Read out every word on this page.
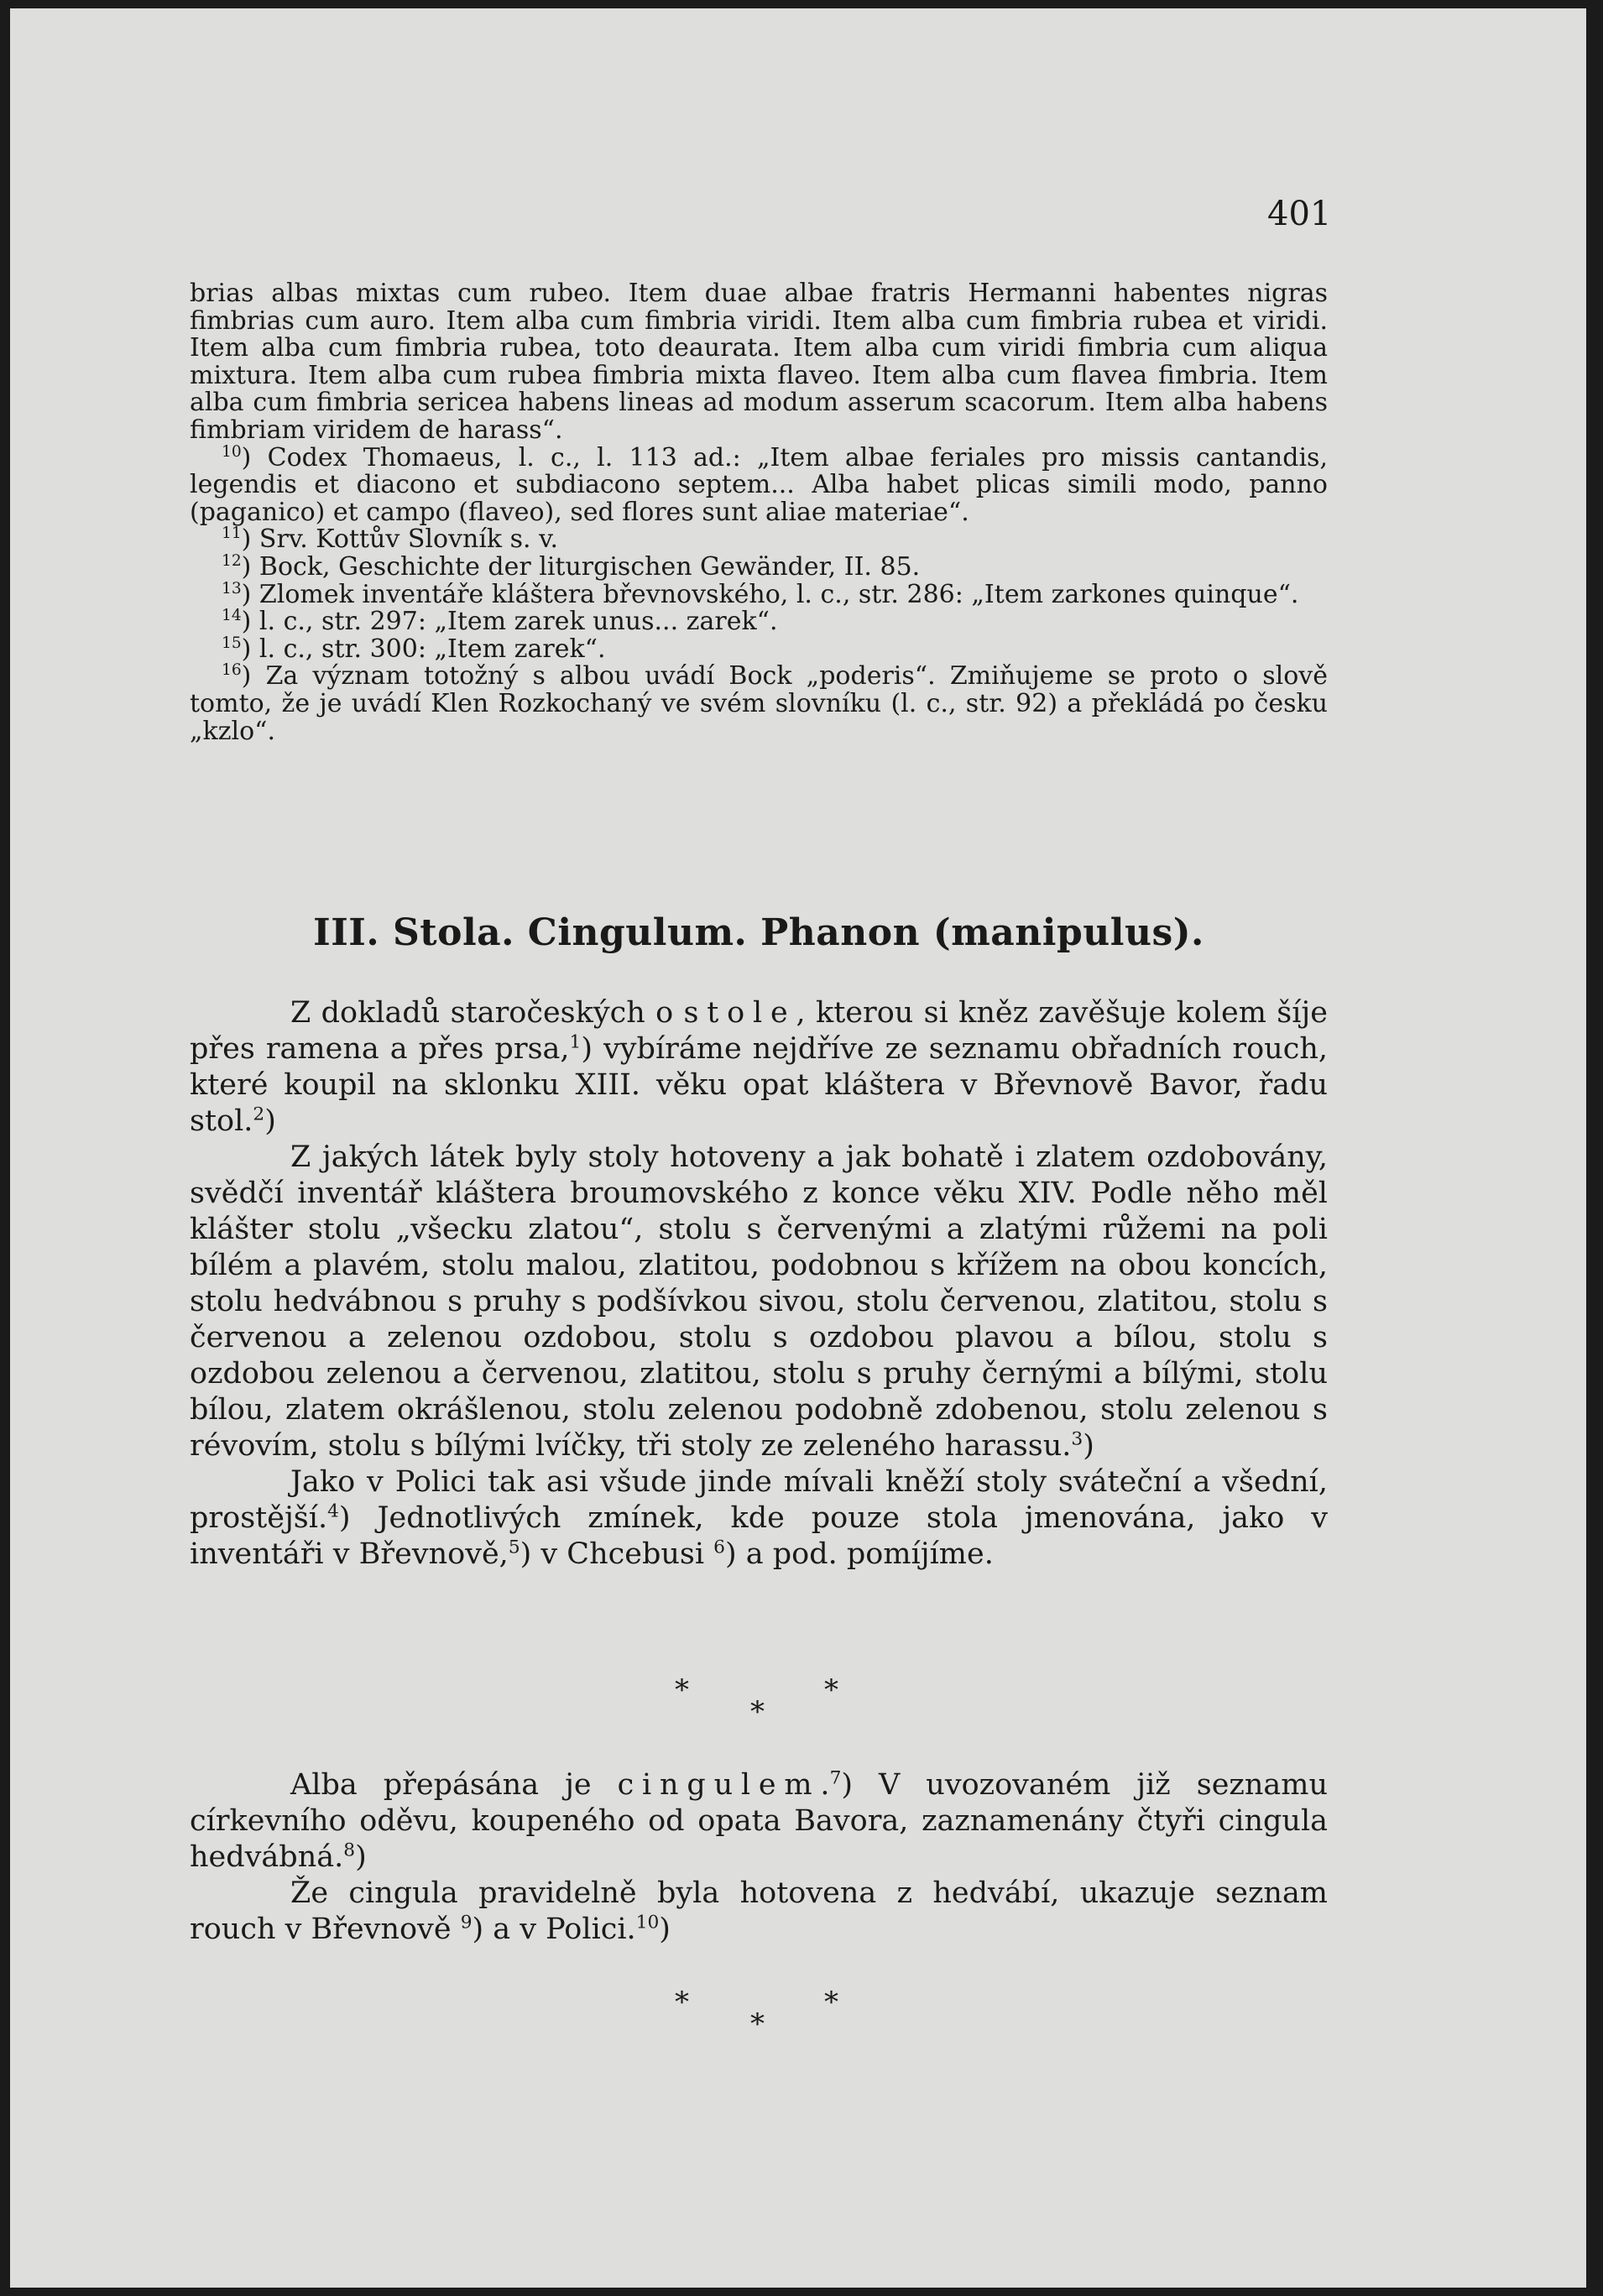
401

brias albas mixtas cum rubeo. Item duae albae fratris Hermanni habentes nigras fimbrias cum auro. Item alba cum fimbria viridi. Item alba cum fimbria rubea et viridi. Item alba cum fimbria rubea, toto deaurata. Item alba cum viridi fimbria cum aliqua mixtura. Item alba cum rubea fimbria mixta flaveo. Item alba cum flavea fimbria. Item alba cum fimbria sericea habens lineas ad modum asserum scacorum. Item alba habens fimbriam viridem de harass“.

$^{10}$) Codex Thomaeus, l. c., l. 113 ad.: „Item albae feriales pro missis cantandis, legendis et diacono et subdiacono septem... Alba habet plicas simili modo, panno (paganico) et campo (flaveo), sed flores sunt aliae materiae“.

$^{11}$) Srv. Kottův Slovník s. v.

$^{12}$) Bock, Geschichte der liturgischen Gewänder, II. 85.

$^{13}$) Zlomek inventáře kláštera břevnovského, l. c., str. 286: „Item zarkones quinque“.

$^{14}$) l. c., str. 297: „Item zarek unus... zarek“.

$^{15}$) l. c., str. 300: „Item zarek“.

$^{16}$) Za význam totožný s albou uvádí Bock „poderis“. Zmiňujeme se proto o slově tomto, že je uvádí Klen Rozkochaný ve svém slovníku (l. c., str. 92) a překládá po česku „kzlo“.

III. Stola. Cingulum. Phanon (manipulus).

Z dokladů staročeských o stole, kterou si kněz zavěšuje kolem šíje přes ramena a přes prsa,$^1$) vybíráme nejdříve ze seznamu obřadních rouch, které koupil na sklonku XIII. věku opat kláštera v Břevnově Bavor, řadu stol.$^2$)

Z jakých látek byly stoly hotoveny a jak bohatě i zlatem ozdobovány, svědčí inventář kláštera broumovského z konce věku XIV. Podle něho měl klášter stolu „všecku zlatou“, stolu s červenými a zlatými růžemi na poli bílém a plavém, stolu malou, zlatitou, podobnou s křížem na obou koncích, stolu hedvábnou s pruhy s podšívkou sivou, stolu červenou, zlatitou, stolu s červenou a zelenou ozdobou, stolu s ozdobou plavou a bílou, stolu s ozdobou zelenou a červenou, zlatitou, stolu s pruhy černými a bílými, stolu bílou, zlatem okrášlenou, stolu zelenou podobně zdobenou, stolu zelenou s révovím, stolu s bílými lvíčky, tři stoly ze zeleného harassu.$^3$)

Jako v Polici tak asi všude jinde mívali kněží stoly sváteční a všední, prostější.$^4$) Jednotlivých zmínek, kde pouze stola jmenována, jako v inventáři v Břevnově,$^5$) v Chcebusi $^6$) a pod. pomíjíme.

*	*
*

Alba přepásána je cingulem.$^7$) V uvozovaném již seznamu církevního oděvu, koupeného od opata Bavora, zaznamenány čtyři cingula hedvábná.$^8$)

Že cingula pravidelně byla hotovena z hedvábí, ukazuje seznam rouch v Břevnově $^9$) a v Polici.$^{10}$)

*	*
*
